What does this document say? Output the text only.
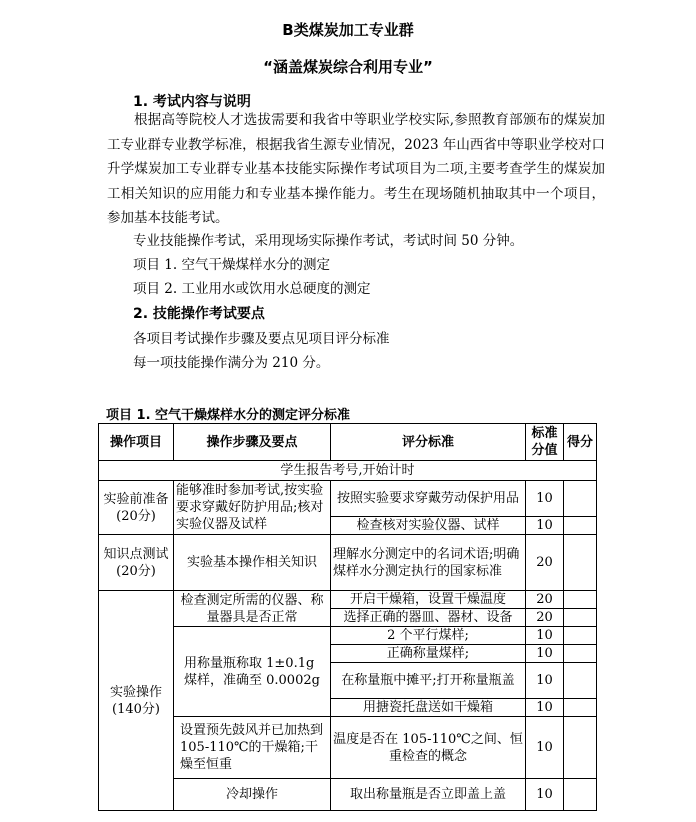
B类煤炭加工专业群
“涵盖煤炭综合利用专业”
1. 考试内容与说明
根据高等院校人才选拔需要和我省中等职业学校实际,参照教育部颁布的煤炭加工专业群专业教学标准，根据我省生源专业情况，2023 年山西省中等职业学校对口升学煤炭加工专业群专业基本技能实际操作考试项目为二项,主要考查学生的煤炭加工相关知识的应用能力和专业基本操作能力。考生在现场随机抽取其中一个项目，参加基本技能考试。
专业技能操作考试，采用现场实际操作考试，考试时间 50 分钟。
项目 1. 空气干燥煤样水分的测定
项目 2. 工业用水或饮用水总硬度的测定
2. 技能操作考试要点
各项目考试操作步骤及要点见项目评分标准
每一项技能操作满分为 210 分。
项目 1. 空气干燥煤样水分的测定评分标准
操作项目	操作步骤及要点	评分标准	标准分值	得分
学生报告考号,开始计时				
实验前准备(20分)	能够准时参加考试,按实验要求穿戴好防护用品;核对实验仪器及试样	按照实验要求穿戴劳动保护用品	10	
		检查核对实验仪器、试样	10	
知识点测试(20分)	实验基本操作相关知识	理解水分测定中的名词术语;明确煤样水分测定执行的国家标准	20	
实验操作(140分)	检查测定所需的仪器、称量器具是否正常	开启干燥箱，设置干燥温度	20	
		选择正确的器皿、器材、设备	20	
	用称量瓶称取 1±0.1g 煤样，准确至 0.0002g	2 个平行煤样;	10	
		正确称量煤样;	10	
		在称量瓶中摊平;打开称量瓶盖	10	
		用搪瓷托盘送如干燥箱	10	
	设置预先鼓风并已加热到 105-110℃的干燥箱;干燥至恒重	温度是否在 105-110℃之间、恒重检查的概念	10	
	冷却操作	取出称量瓶是否立即盖上盖	10	
